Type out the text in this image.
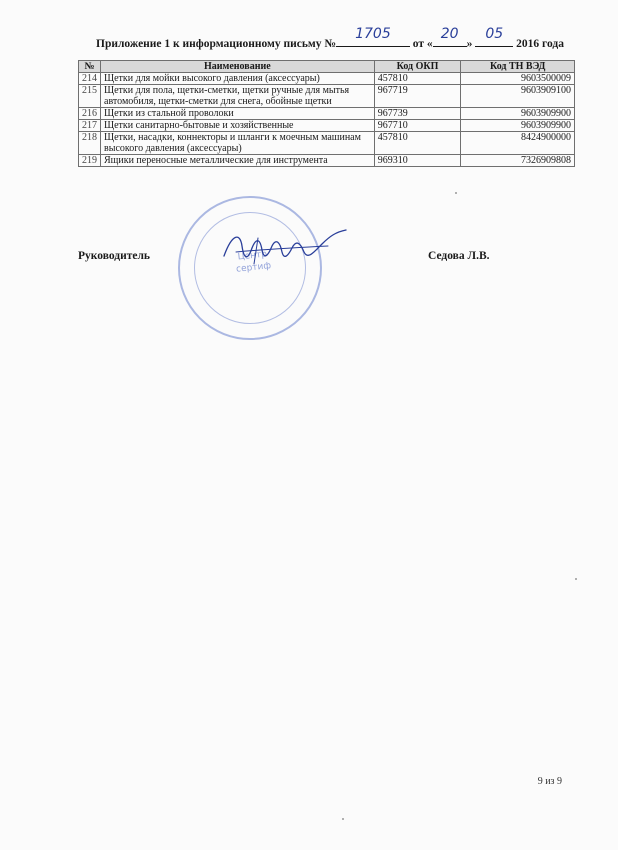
Приложение 1 к информационному письму №
1705
от «
20
»
05
2016 года
№	Наименование	Код ОКП	Код ТН ВЭД
214	Щетки для мойки высокого давления (аксессуары)	457810	9603500009
215	Щетки для пола, щетки-сметки, щетки ручные для мытья автомобиля, щетки-сметки для снега, обойные щетки	967719	9603909100
216	Щетки из стальной проволоки	967739	9603909900
217	Щетки санитарно-бытовые и хозяйственные	967710	9603909900
218	Щетки, насадки, коннекторы и шланги к моечным машинам высокого давления (аксессуары)	457810	8424900000
219	Ящики переносные металлические для инструмента	969310	7326909808
Центр
сертиф
Руководитель	Седова Л.В.
9 из 9
